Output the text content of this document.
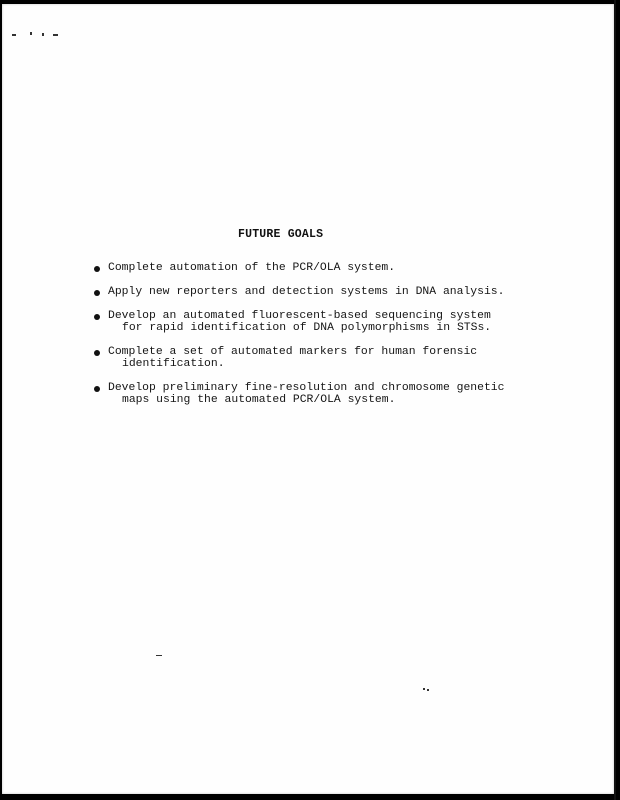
FUTURE GOALS
Complete automation of the PCR/OLA system.
Apply new reporters and detection systems in DNA analysis.
Develop an automated fluorescent-based sequencing system
for rapid identification of DNA polymorphisms in STSs.
Complete a set of automated markers for human forensic
identification.
Develop preliminary fine-resolution and chromosome genetic
maps using the automated PCR/OLA system.
